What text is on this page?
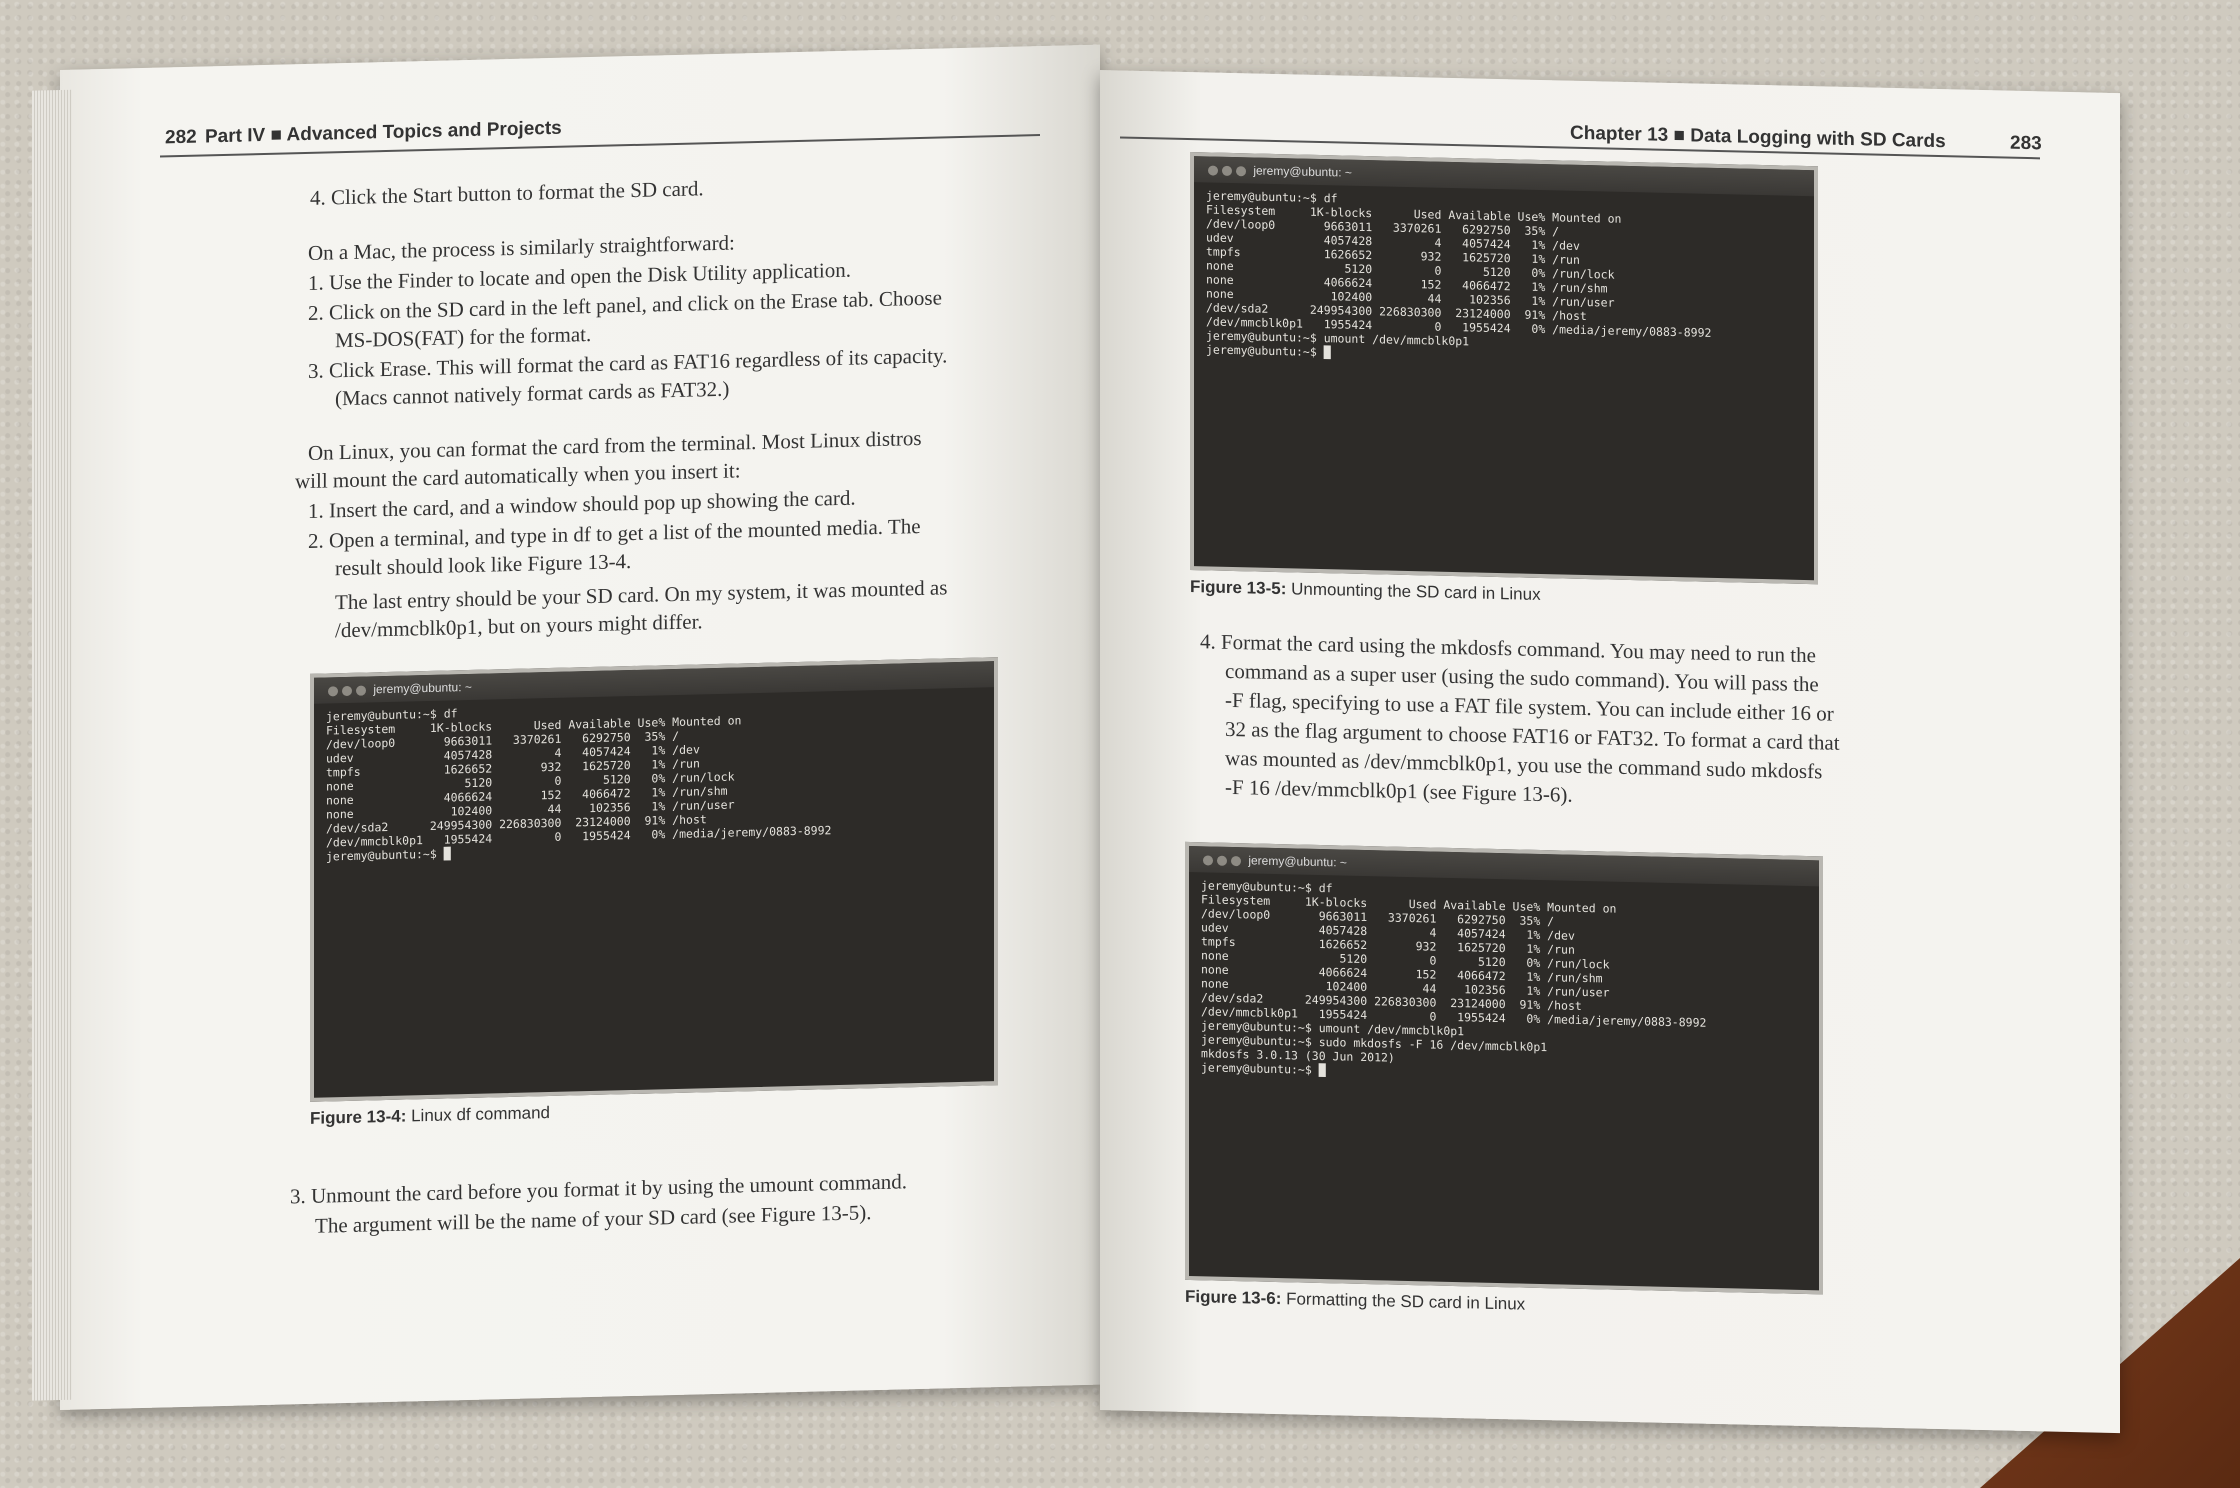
282 Part IV ■ Advanced Topics and Projects
4. Click the Start button to format the SD card.
On a Mac, the process is similarly straightforward:
1. Use the Finder to locate and open the Disk Utility application.
2. Click on the SD card in the left panel, and click on the Erase tab. Choose
MS-DOS(FAT) for the format.
3. Click Erase. This will format the card as FAT16 regardless of its capacity.
(Macs cannot natively format cards as FAT32.)
On Linux, you can format the card from the terminal. Most Linux distros
will mount the card automatically when you insert it:
1. Insert the card, and a window should pop up showing the card.
2. Open a terminal, and type in df to get a list of the mounted media. The
result should look like Figure 13-4.
The last entry should be your SD card. On my system, it was mounted as
/dev/mmcblk0p1, but on yours might differ.
jeremy@ubuntu: ~
jeremy@ubuntu:~$ df
Filesystem     1K-blocks      Used Available Use% Mounted on
/dev/loop0       9663011   3370261   6292750  35% /
udev             4057428         4   4057424   1% /dev
tmpfs            1626652       932   1625720   1% /run
none                5120         0      5120   0% /run/lock
none             4066624       152   4066472   1% /run/shm
none              102400        44    102356   1% /run/user
/dev/sda2      249954300 226830300  23124000  91% /host
/dev/mmcblk0p1   1955424         0   1955424   0% /media/jeremy/0883-8992
jeremy@ubuntu:~$ █
Figure 13-4: Linux df command
3. Unmount the card before you format it by using the umount command.
The argument will be the name of your SD card (see Figure 13-5).
Chapter 13 ■ Data Logging with SD Cards	283
jeremy@ubuntu: ~
jeremy@ubuntu:~$ df
Filesystem     1K-blocks      Used Available Use% Mounted on
/dev/loop0       9663011   3370261   6292750  35% /
udev             4057428         4   4057424   1% /dev
tmpfs            1626652       932   1625720   1% /run
none                5120         0      5120   0% /run/lock
none             4066624       152   4066472   1% /run/shm
none              102400        44    102356   1% /run/user
/dev/sda2      249954300 226830300  23124000  91% /host
/dev/mmcblk0p1   1955424         0   1955424   0% /media/jeremy/0883-8992
jeremy@ubuntu:~$ umount /dev/mmcblk0p1
jeremy@ubuntu:~$ █
Figure 13-5: Unmounting the SD card in Linux
4. Format the card using the mkdosfs command. You may need to run the
command as a super user (using the sudo command). You will pass the
-F flag, specifying to use a FAT file system. You can include either 16 or
32 as the flag argument to choose FAT16 or FAT32. To format a card that
was mounted as /dev/mmcblk0p1, you use the command sudo mkdosfs
-F 16 /dev/mmcblk0p1 (see Figure 13-6).
jeremy@ubuntu: ~
jeremy@ubuntu:~$ df
Filesystem     1K-blocks      Used Available Use% Mounted on
/dev/loop0       9663011   3370261   6292750  35% /
udev             4057428         4   4057424   1% /dev
tmpfs            1626652       932   1625720   1% /run
none                5120         0      5120   0% /run/lock
none             4066624       152   4066472   1% /run/shm
none              102400        44    102356   1% /run/user
/dev/sda2      249954300 226830300  23124000  91% /host
/dev/mmcblk0p1   1955424         0   1955424   0% /media/jeremy/0883-8992
jeremy@ubuntu:~$ umount /dev/mmcblk0p1
jeremy@ubuntu:~$ sudo mkdosfs -F 16 /dev/mmcblk0p1
mkdosfs 3.0.13 (30 Jun 2012)
jeremy@ubuntu:~$ █
Figure 13-6: Formatting the SD card in Linux
